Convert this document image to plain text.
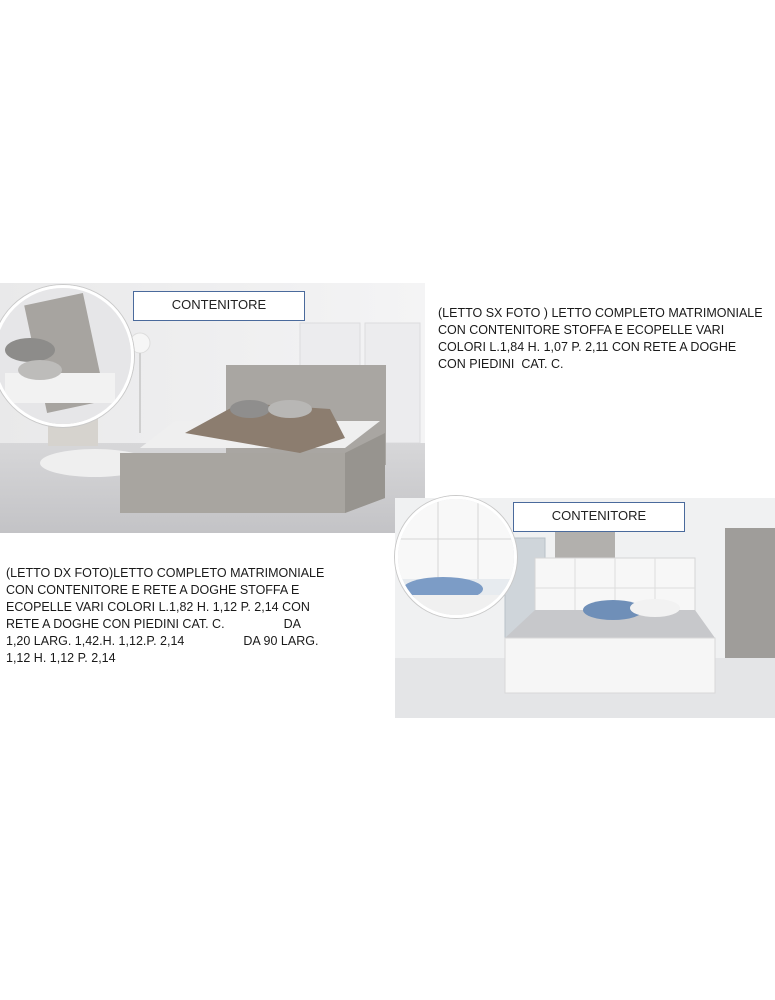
CONTENITORE

(LETTO SX FOTO ) LETTO COMPLETO MATRIMONIALE
CON CONTENITORE STOFFA E ECOPELLE VARI
COLORI L.1,84 H. 1,07 P. 2,11 CON RETE A DOGHE
CON PIEDINI  CAT. C.

CONTENITORE

(LETTO DX FOTO)LETTO COMPLETO MATRIMONIALE
CON CONTENITORE E RETE A DOGHE STOFFA E
ECOPELLE VARI COLORI L.1,82 H. 1,12 P. 2,14 CON
RETE A DOGHE CON PIEDINI CAT. C.                 DA
1,20 LARG. 1,42.H. 1,12.P. 2,14                 DA 90 LARG.
1,12 H. 1,12 P. 2,14
